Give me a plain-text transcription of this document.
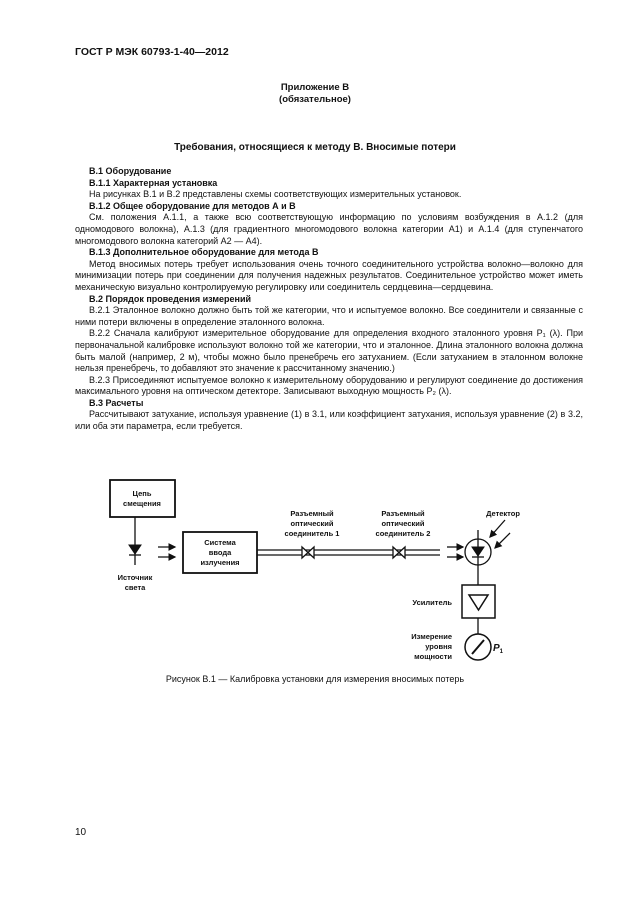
ГОСТ Р МЭК 60793-1-40—2012
Приложение В
(обязательное)
Требования, относящиеся к методу В. Вносимые потери

В.1 Оборудование

В.1.1 Характерная установка

На рисунках В.1 и В.2 представлены схемы соответствующих измерительных установок.

В.1.2 Общее оборудование для методов А и В

См. положения А.1.1, а также всю соответствующую информацию по условиям возбуждения в А.1.2 (для одномодового волокна), А.1.3 (для градиентного многомодового волокна категории А1) и А.1.4 (для ступенчатого многомодового волокна категорий А2 — А4).

В.1.3 Дополнительное оборудование для метода В

Метод вносимых потерь требует использования очень точного соединительного устройства волокно—волокно для минимизации потерь при соединении для получения надежных результатов. Соединительное устройство может иметь механическую визуально контролируемую регулировку или соединитель сердцевина—сердцевина.

В.2 Порядок проведения измерений

В.2.1 Эталонное волокно должно быть той же категории, что и испытуемое волокно. Все соединители и связанные с ними потери включены в определение эталонного волокна.

В.2.2 Сначала калибруют измерительное оборудование для определения входного эталонного уровня P₁ (λ). При первоначальной калибровке используют волокно той же категории, что и эталонное. Длина эталонного волокна должна быть малой (например, 2 м), чтобы можно было пренебречь его затуханием. (Если затуханием в эталонном волокне нельзя пренебречь, то добавляют это значение к рассчитанному значению.)

В.2.3 Присоединяют испытуемое волокно к измерительному оборудованию и регулируют соединение до достижения максимального уровня на оптическом детекторе. Записывают выходную мощность P₂ (λ).

В.3 Расчеты

Рассчитывают затухание, используя уравнение (1) в 3.1, или коэффициент затухания, используя уравнение (2) в 3.2, или оба эти параметра, если требуется.

Цепь
смещения
Источник
света
Система
ввода
излучения
Разъемный
оптический
соединитель 1
Разъемный
оптический
соединитель 2
Детектор
Усилитель
Измерение
уровня
мощности
$P_1$
Рисунок В.1 — Калибровка установки для измерения вносимых потерь
10
